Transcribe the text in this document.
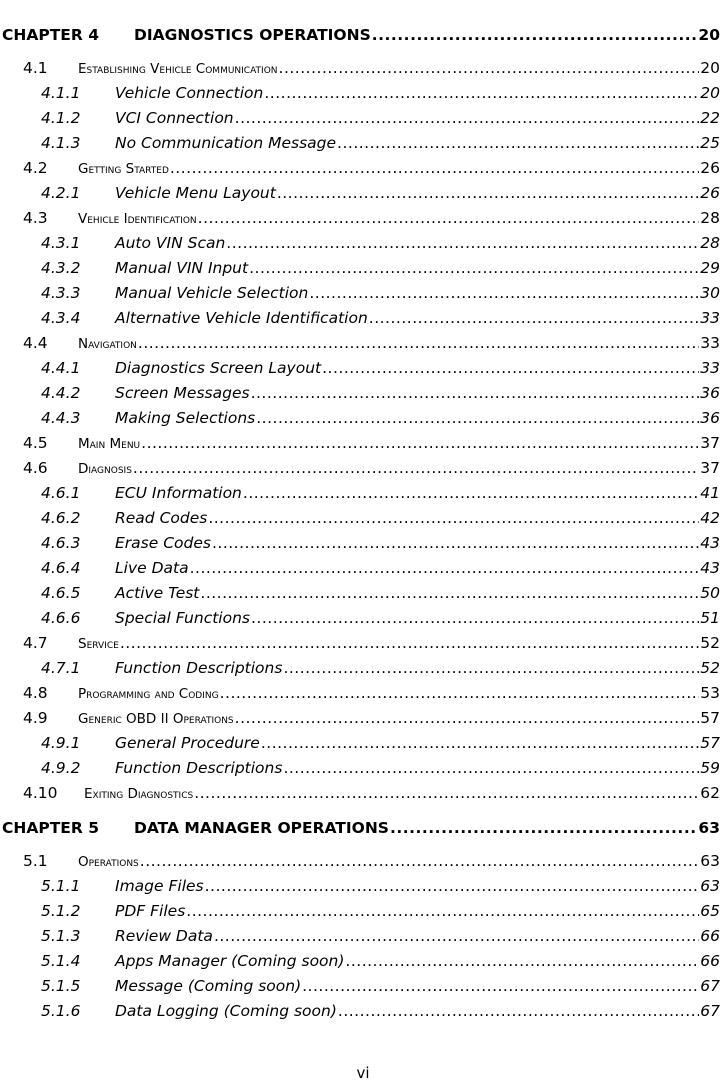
CHAPTER 4	DIAGNOSTICS OPERATIONS .....	20
4.1	Establishing Vehicle Communication .....	20
4.1.1	Vehicle Connection .....	20
4.1.2	VCI Connection .....	22
4.1.3	No Communication Message .....	25
4.2	Getting Started .....	26
4.2.1	Vehicle Menu Layout .....	26
4.3	Vehicle Identification .....	28
4.3.1	Auto VIN Scan .....	28
4.3.2	Manual VIN Input .....	29
4.3.3	Manual Vehicle Selection .....	30
4.3.4	Alternative Vehicle Identification .....	33
4.4	Navigation .....	33
4.4.1	Diagnostics Screen Layout .....	33
4.4.2	Screen Messages .....	36
4.4.3	Making Selections .....	36
4.5	Main Menu .....	37
4.6	Diagnosis .....	37
4.6.1	ECU Information .....	41
4.6.2	Read Codes .....	42
4.6.3	Erase Codes .....	43
4.6.4	Live Data .....	43
4.6.5	Active Test .....	50
4.6.6	Special Functions .....	51
4.7	Service .....	52
4.7.1	Function Descriptions .....	52
4.8	Programming and Coding .....	53
4.9	Generic OBD II Operations .....	57
4.9.1	General Procedure .....	57
4.9.2	Function Descriptions .....	59
4.10	Exiting Diagnostics .....	62
CHAPTER 5	DATA MANAGER OPERATIONS .....	63
5.1	Operations .....	63
5.1.1	Image Files .....	63
5.1.2	PDF Files .....	65
5.1.3	Review Data .....	66
5.1.4	Apps Manager (Coming soon) .....	66
5.1.5	Message (Coming soon) .....	67
5.1.6	Data Logging (Coming soon) .....	67
vi
